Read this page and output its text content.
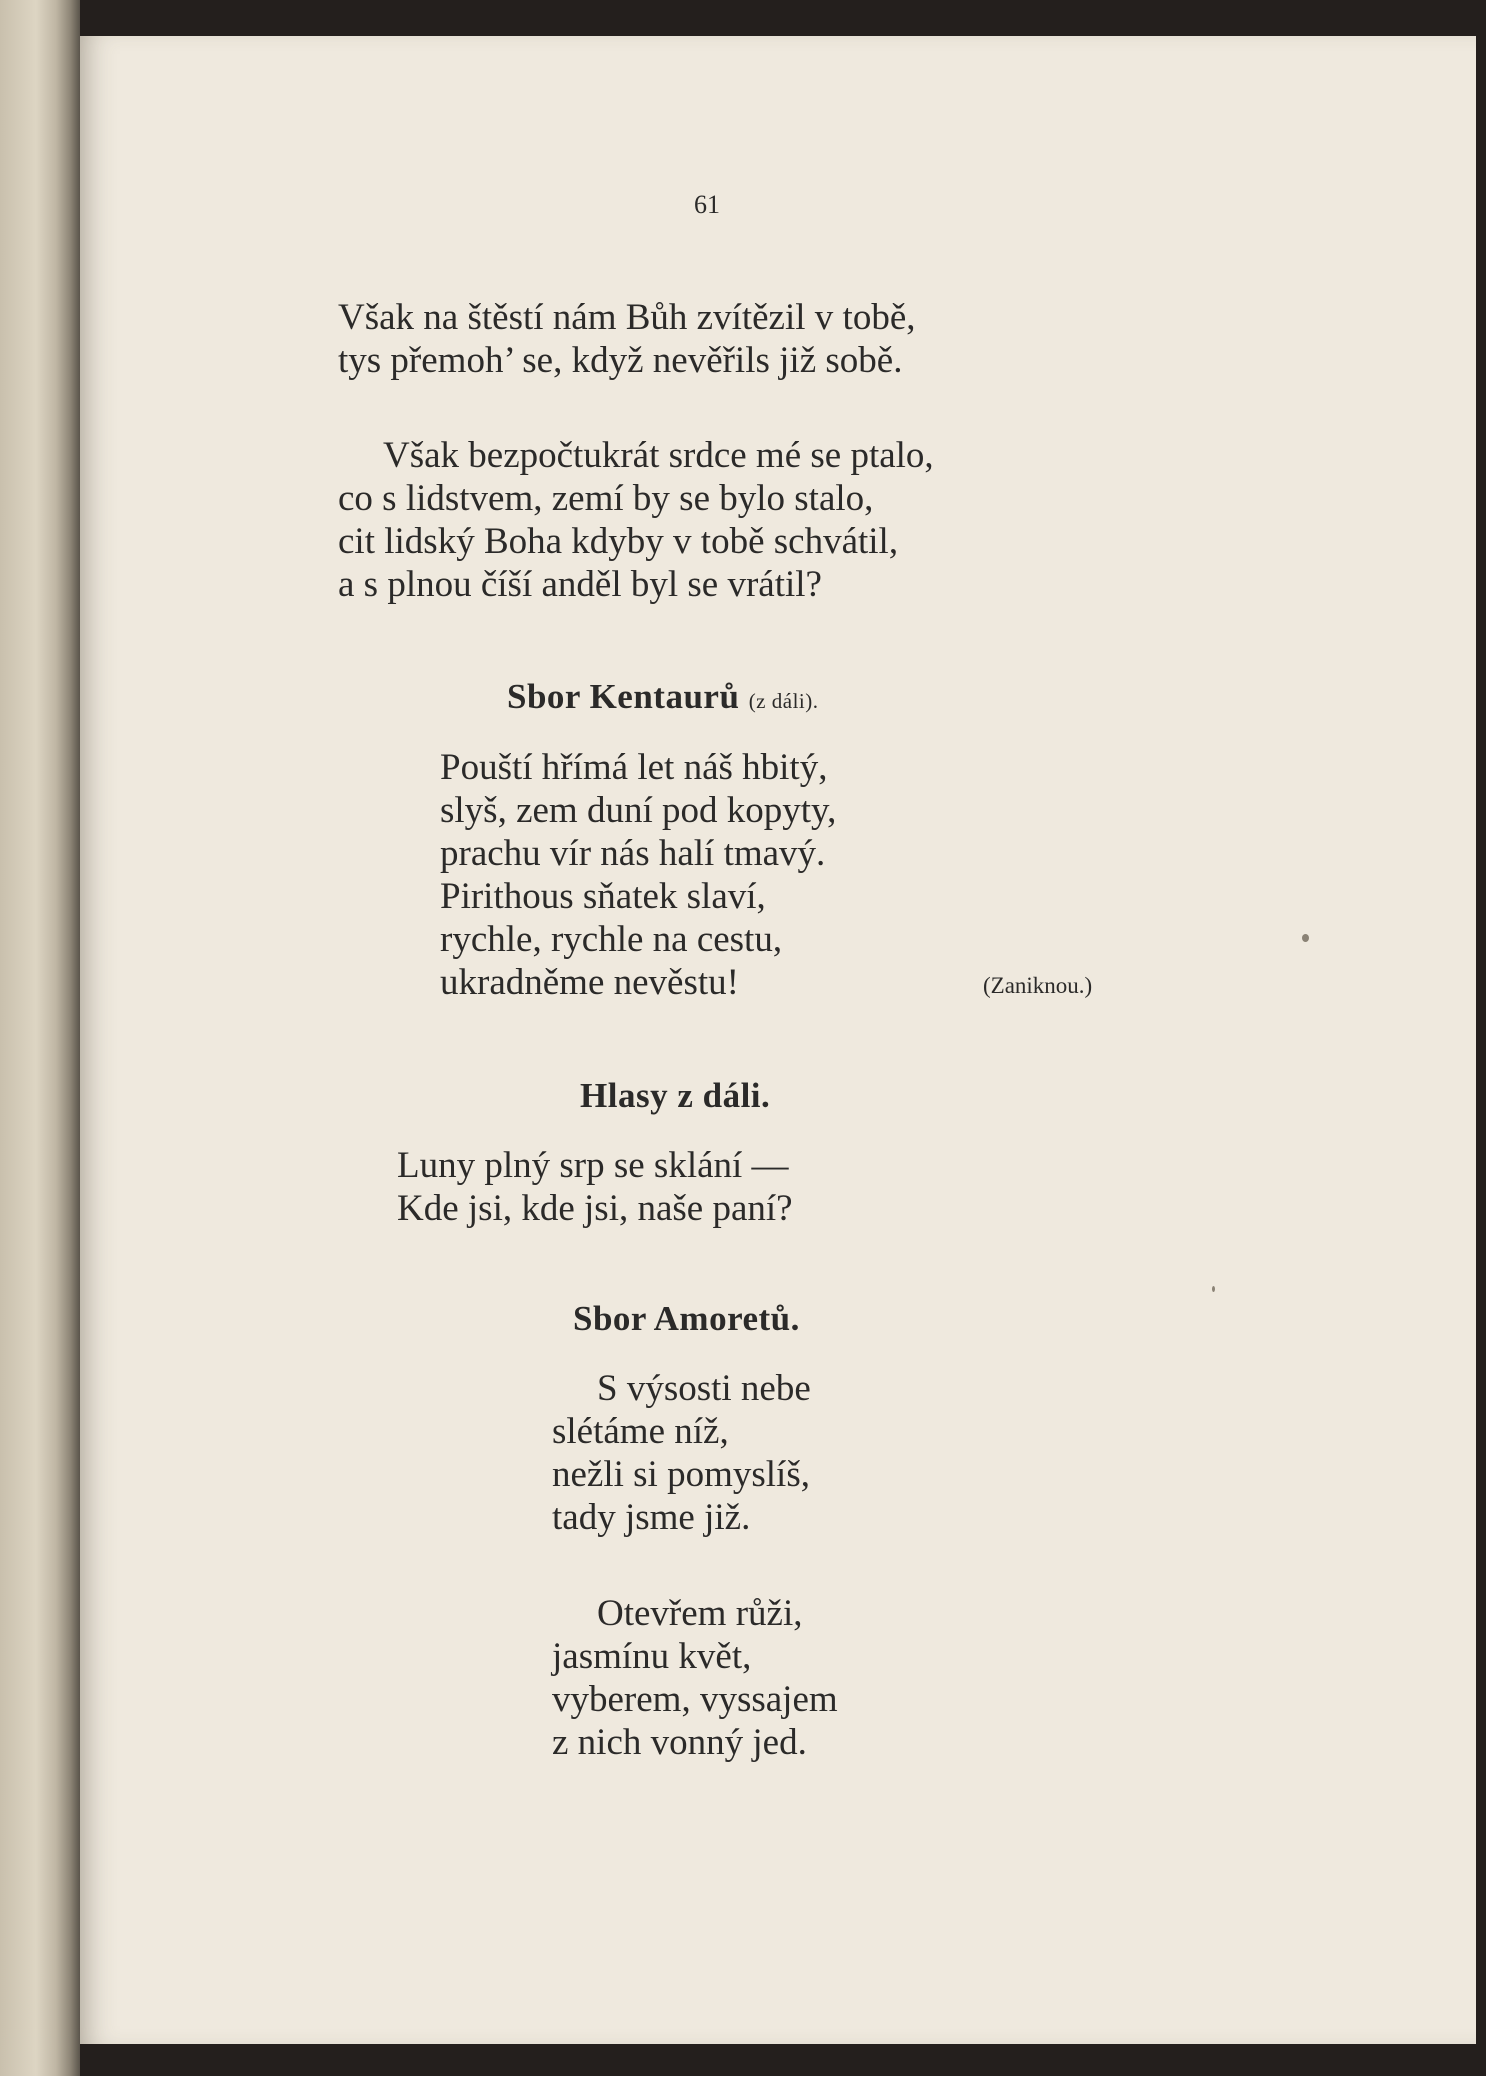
61
Však na štěstí nám Bůh zvítězil v tobě,
tys přemoh’ se, když nevěřils již sobě.
Však bezpočtukrát srdce mé se ptalo,
co s lidstvem, zemí by se bylo stalo,
cit lidský Boha kdyby v tobě schvátil,
a s plnou číší anděl byl se vrátil?
Sbor Kentaurů (z dáli).
Pouští hřímá let náš hbitý,
slyš, zem duní pod kopyty,
prachu vír nás halí tmavý.
Pirithous sňatek slaví,
rychle, rychle na cestu,
ukradněme nevěstu!	(Zaniknou.)
Hlasy z dáli.
Luny plný srp se sklání —
Kde jsi, kde jsi, naše paní?
Sbor Amoretů.
S výsosti nebe
slétáme níž,
nežli si pomyslíš,
tady jsme již.
Otevřem růži,
jasmínu květ,
vyberem, vyssajem
z nich vonný jed.
